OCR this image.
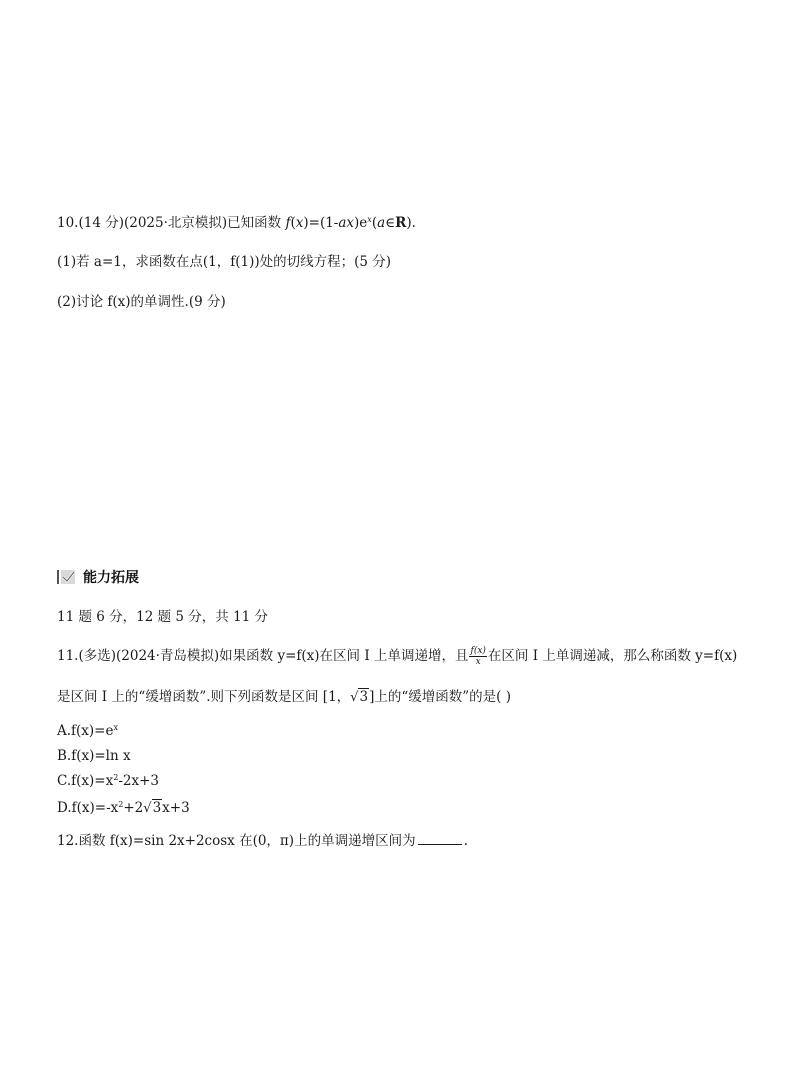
10.(14 分)(2025·北京模拟)已知函数 $f(x)=(1-ax)e^x(a\in R)$.
(1)若 a=1，求函数在点(1，f(1))处的切线方程；(5 分)
(2)讨论 f(x)的单调性.(9 分)
能力拓展
11 题 6 分，12 题 5 分，共 11 分
11.(多选)(2024·青岛模拟)如果函数 y=f(x)在区间 I 上单调递增，且 $\frac{f(x)}{x}$ 在区间 I 上单调递减，那么称函数 y=f(x)
是区间 I 上的“缓增函数”.则下列函数是区间 [1，√3]上的“缓增函数”的是( )
$A.f(x)=e^x$
B.f(x)=ln x
$C.f(x)=x^2-2x+3$
$D.f(x)=-x^2+2√3x+3$
12.函数 f(x)=sin 2x+2cosx 在(0，π)上的单调递增区间为	.
